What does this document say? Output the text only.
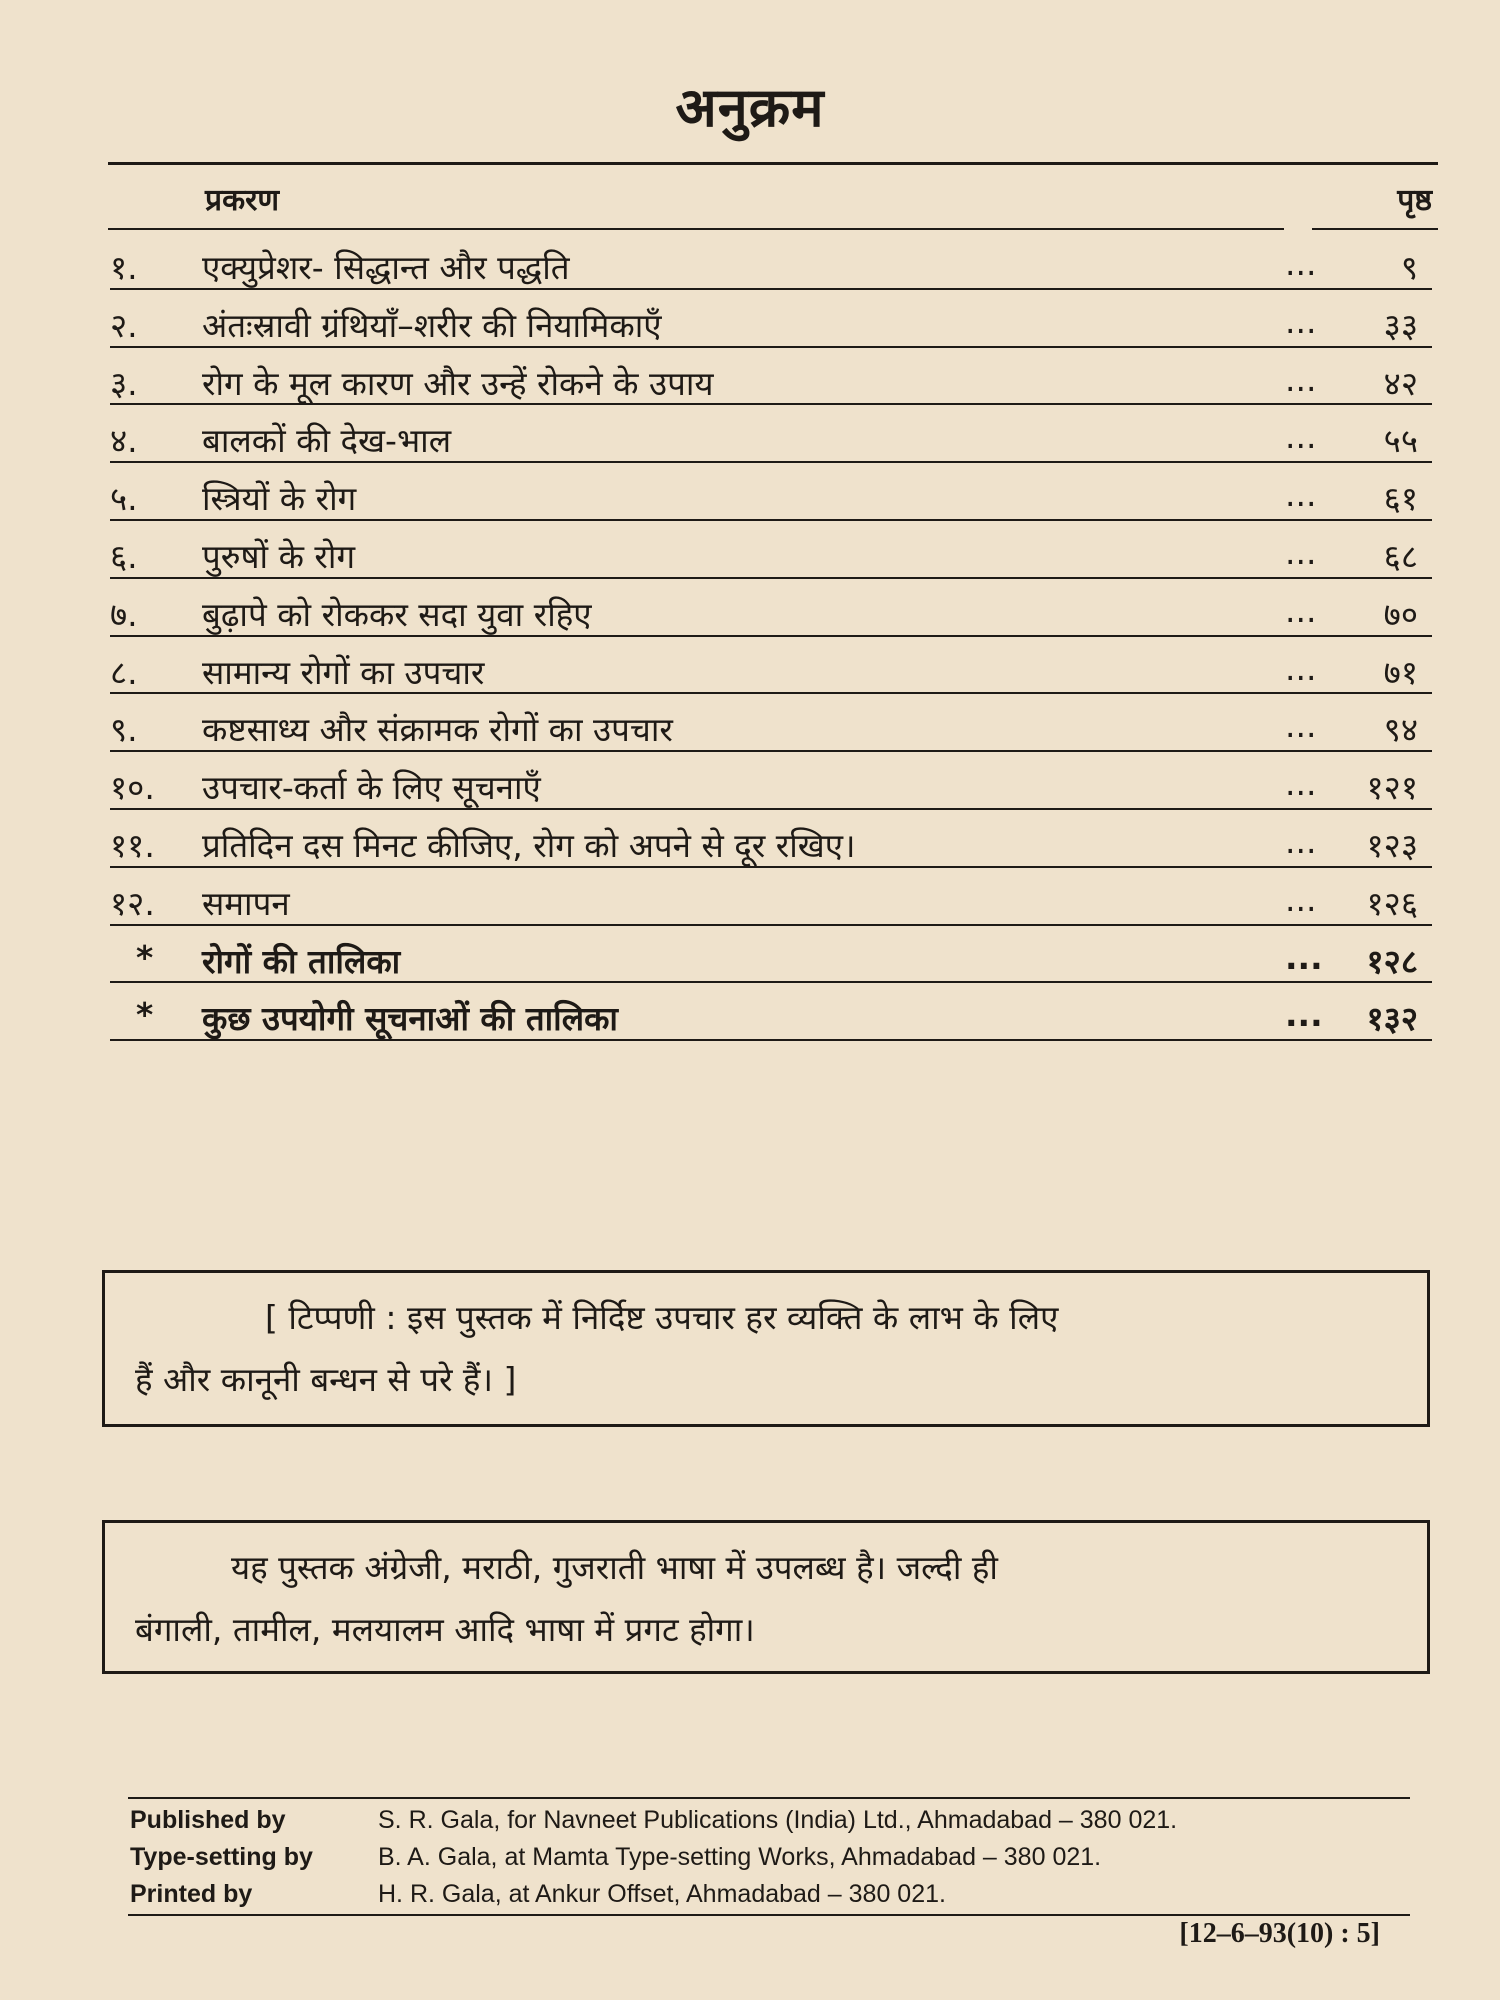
अनुक्रम
प्रकरण	पृष्ठ
१.	एक्युप्रेशर- सिद्धान्त और पद्धति	...	९
२.	अंतःस्रावी ग्रंथियाँ–शरीर की नियामिकाएँ	... ३३
३.	रोग के मूल कारण और उन्हें रोकने के उपाय	... ४२
४.	बालकों की देख-भाल	... ५५
५.	स्त्रियों के रोग	... ६१
६.	पुरुषों के रोग	... ६८
७.	बुढ़ापे को रोककर सदा युवा रहिए	... ७०
८.	सामान्य रोगों का उपचार	... ७१
९.	कष्टसाध्य और संक्रामक रोगों का उपचार	... ९४
१०.	उपचार-कर्ता के लिए सूचनाएँ	... १२१
११.	प्रतिदिन दस मिनट कीजिए, रोग को अपने से दूर रखिए।	... १२३
१२.	समापन	... १२६
*	रोगों की तालिका	... १२८
*	कुछ उपयोगी सूचनाओं की तालिका	... १३२
[ टिप्पणी : इस पुस्तक में निर्दिष्ट उपचार हर व्यक्ति के लाभ के लिए
हैं और कानूनी बन्धन से परे हैं। ]
यह पुस्तक अंग्रेजी, मराठी, गुजराती भाषा में उपलब्ध है। जल्दी ही
बंगाली, तामील, मलयालम आदि भाषा में प्रगट होगा।
Published by	S. R. Gala, for Navneet Publications (India) Ltd., Ahmadabad – 380 021.
Type-setting by	B. A. Gala, at Mamta Type-setting Works, Ahmadabad – 380 021.
Printed by	H. R. Gala, at Ankur Offset, Ahmadabad – 380 021.
[12–6–93(10) : 5]
